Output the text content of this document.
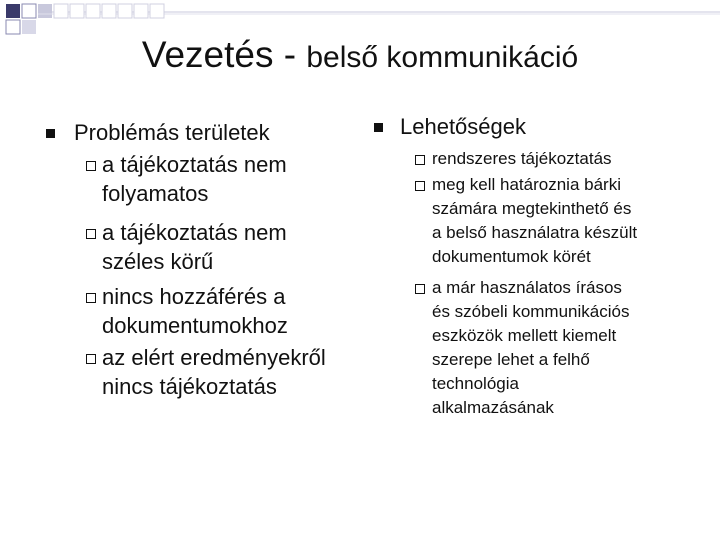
Vezetés - belső kommunikáció
Problémás területek
a tájékoztatás nem
folyamatos
a tájékoztatás nem
széles körű
nincs hozzáférés a
dokumentumokhoz
az elért eredményekről
nincs tájékoztatás
Lehetőségek
rendszeres tájékoztatás
meg kell határoznia bárki
számára megtekinthető és
a belső használatra készült
dokumentumok körét
a már használatos írásos
és szóbeli kommunikációs
eszközök mellett kiemelt
szerepe lehet a felhő
technológia
alkalmazásának
